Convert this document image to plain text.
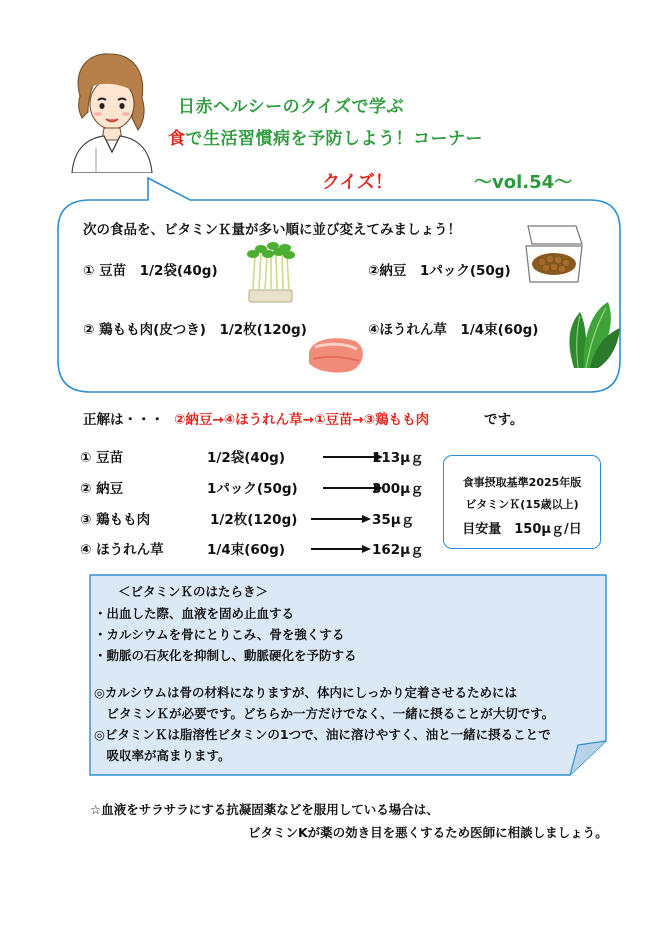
日赤ヘルシーのクイズで学ぶ
食で生活習慣病を予防しよう！コーナー
クイズ！	～vol.54～
次の食品を、ビタミンＫ量が多い順に並び変えてみましょう！
① 豆苗　1/2袋(40g)	②納豆　1パック(50g)
② 鶏もも肉(皮つき)　1/2枚(120g)	④ほうれん草　1/4束(60g)
正解は・・・ ②納豆→④ほうれん草→①豆苗→③鶏もも肉	です。
① 豆苗	1/2袋(40g)	113μｇ
② 納豆	1パック(50g)	300μｇ
③ 鶏もも肉	1/2枚(120g)	35μｇ
④ ほうれん草	1/4束(60g)	162μｇ
食事摂取基準2025年版
ビタミンＫ(15歳以上)
目安量　150μｇ/日
＜ビタミンＫのはたらき＞
・出血した際、血液を固め止血する
・カルシウムを骨にとりこみ、骨を強くする
・動脈の石灰化を抑制し、動脈硬化を予防する
◎カルシウムは骨の材料になりますが、体内にしっかり定着させるためには
　ビタミンＫが必要です。どちらか一方だけでなく、一緒に摂ることが大切です。
◎ビタミンＫは脂溶性ビタミンの1つで、油に溶けやすく、油と一緒に摂ることで
　吸収率が高まります。
☆血液をサラサラにする抗凝固薬などを服用している場合は、
ビタミンKが薬の効き目を悪くするため医師に相談しましょう。
